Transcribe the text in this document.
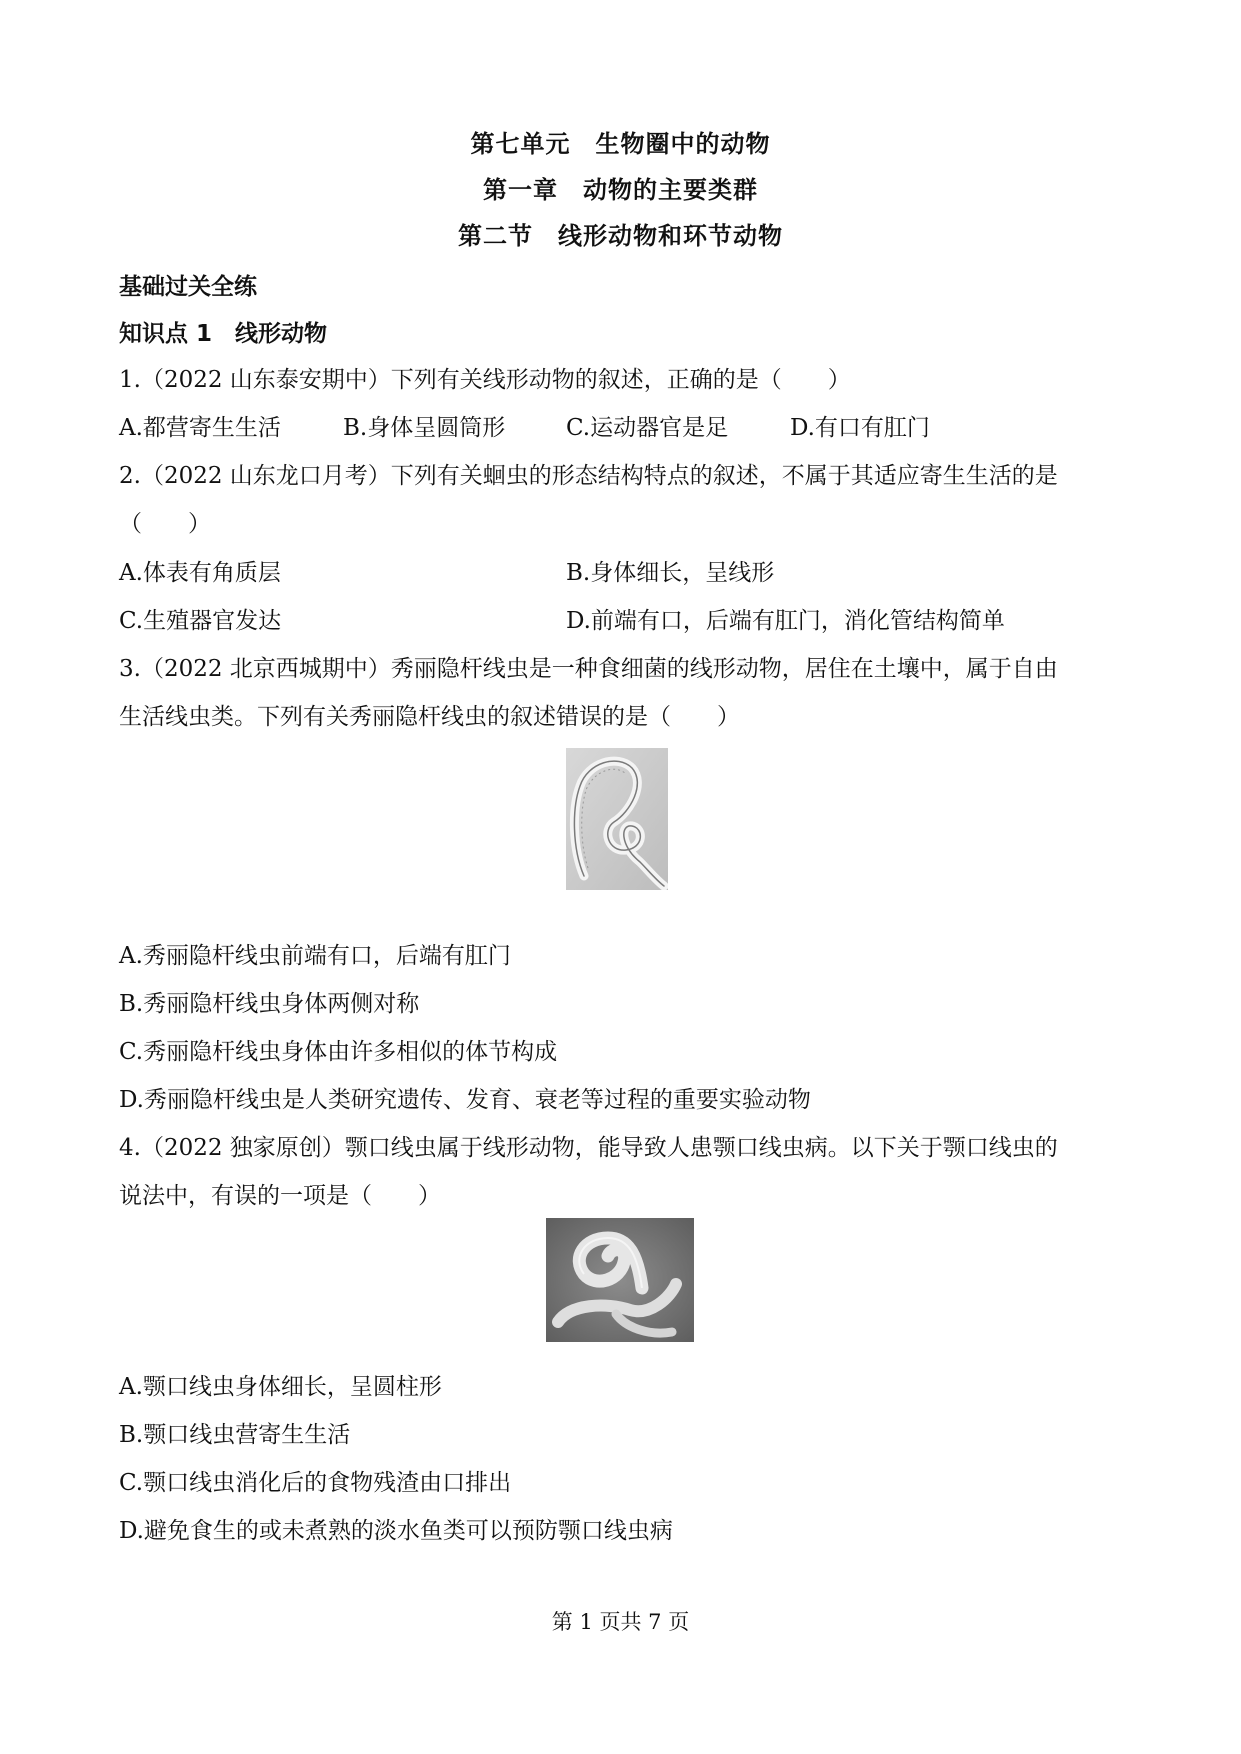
第七单元　生物圈中的动物
第一章　动物的主要类群
第二节　线形动物和环节动物
基础过关全练
知识点 1　线形动物
1.（2022 山东泰安期中）下列有关线形动物的叙述，正确的是（　　）
A.都营寄生生活	B.身体呈圆筒形	C.运动器官是足	D.有口有肛门
2.（2022 山东龙口月考）下列有关蛔虫的形态结构特点的叙述，不属于其适应寄生生活的是
（　　）
A.体表有角质层	B.身体细长，呈线形
C.生殖器官发达	D.前端有口，后端有肛门，消化管结构简单
3.（2022 北京西城期中）秀丽隐杆线虫是一种食细菌的线形动物，居住在土壤中，属于自由
生活线虫类。下列有关秀丽隐杆线虫的叙述错误的是（　　）
A.秀丽隐杆线虫前端有口，后端有肛门
B.秀丽隐杆线虫身体两侧对称
C.秀丽隐杆线虫身体由许多相似的体节构成
D.秀丽隐杆线虫是人类研究遗传、发育、衰老等过程的重要实验动物
4.（2022 独家原创）颚口线虫属于线形动物，能导致人患颚口线虫病。以下关于颚口线虫的
说法中，有误的一项是（　　）
A.颚口线虫身体细长，呈圆柱形
B.颚口线虫营寄生生活
C.颚口线虫消化后的食物残渣由口排出
D.避免食生的或未煮熟的淡水鱼类可以预防颚口线虫病
第 1 页共 7 页
